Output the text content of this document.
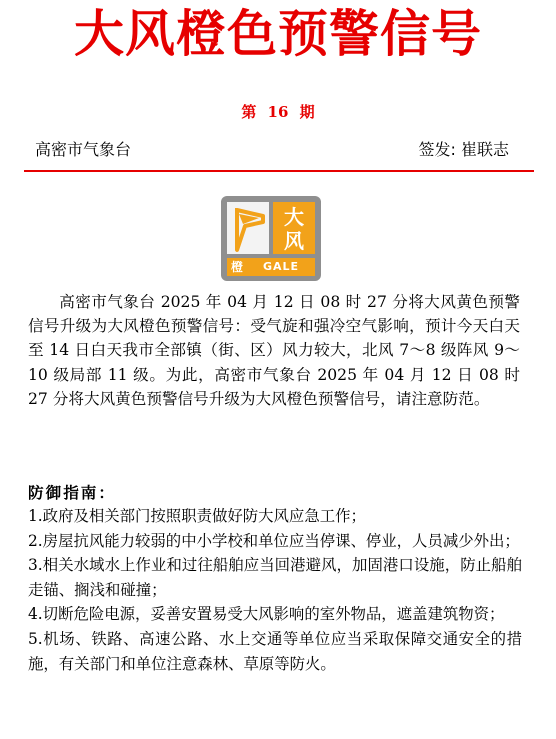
大风橙色预警信号
第 16 期
高密市气象台	签发: 崔联志
大
风
橙	GALE
高密市气象台 2025 年 04 月 12 日 08 时 27 分将大风黄色预警信号升级为大风橙色预警信号：受气旋和强冷空气影响，预计今天白天至 14 日白天我市全部镇（街、区）风力较大，北风 7～8 级阵风 9～10 级局部 11 级。为此，高密市气象台 2025 年 04 月 12 日 08 时 27 分将大风黄色预警信号升级为大风橙色预警信号，请注意防范。
防御指南：
1.政府及相关部门按照职责做好防大风应急工作；
2.房屋抗风能力较弱的中小学校和单位应当停课、停业，人员减少外出；
3.相关水域水上作业和过往船舶应当回港避风，加固港口设施，防止船舶走锚、搁浅和碰撞；
4.切断危险电源，妥善安置易受大风影响的室外物品，遮盖建筑物资；
5.机场、铁路、高速公路、水上交通等单位应当采取保障交通安全的措施，有关部门和单位注意森林、草原等防火。
